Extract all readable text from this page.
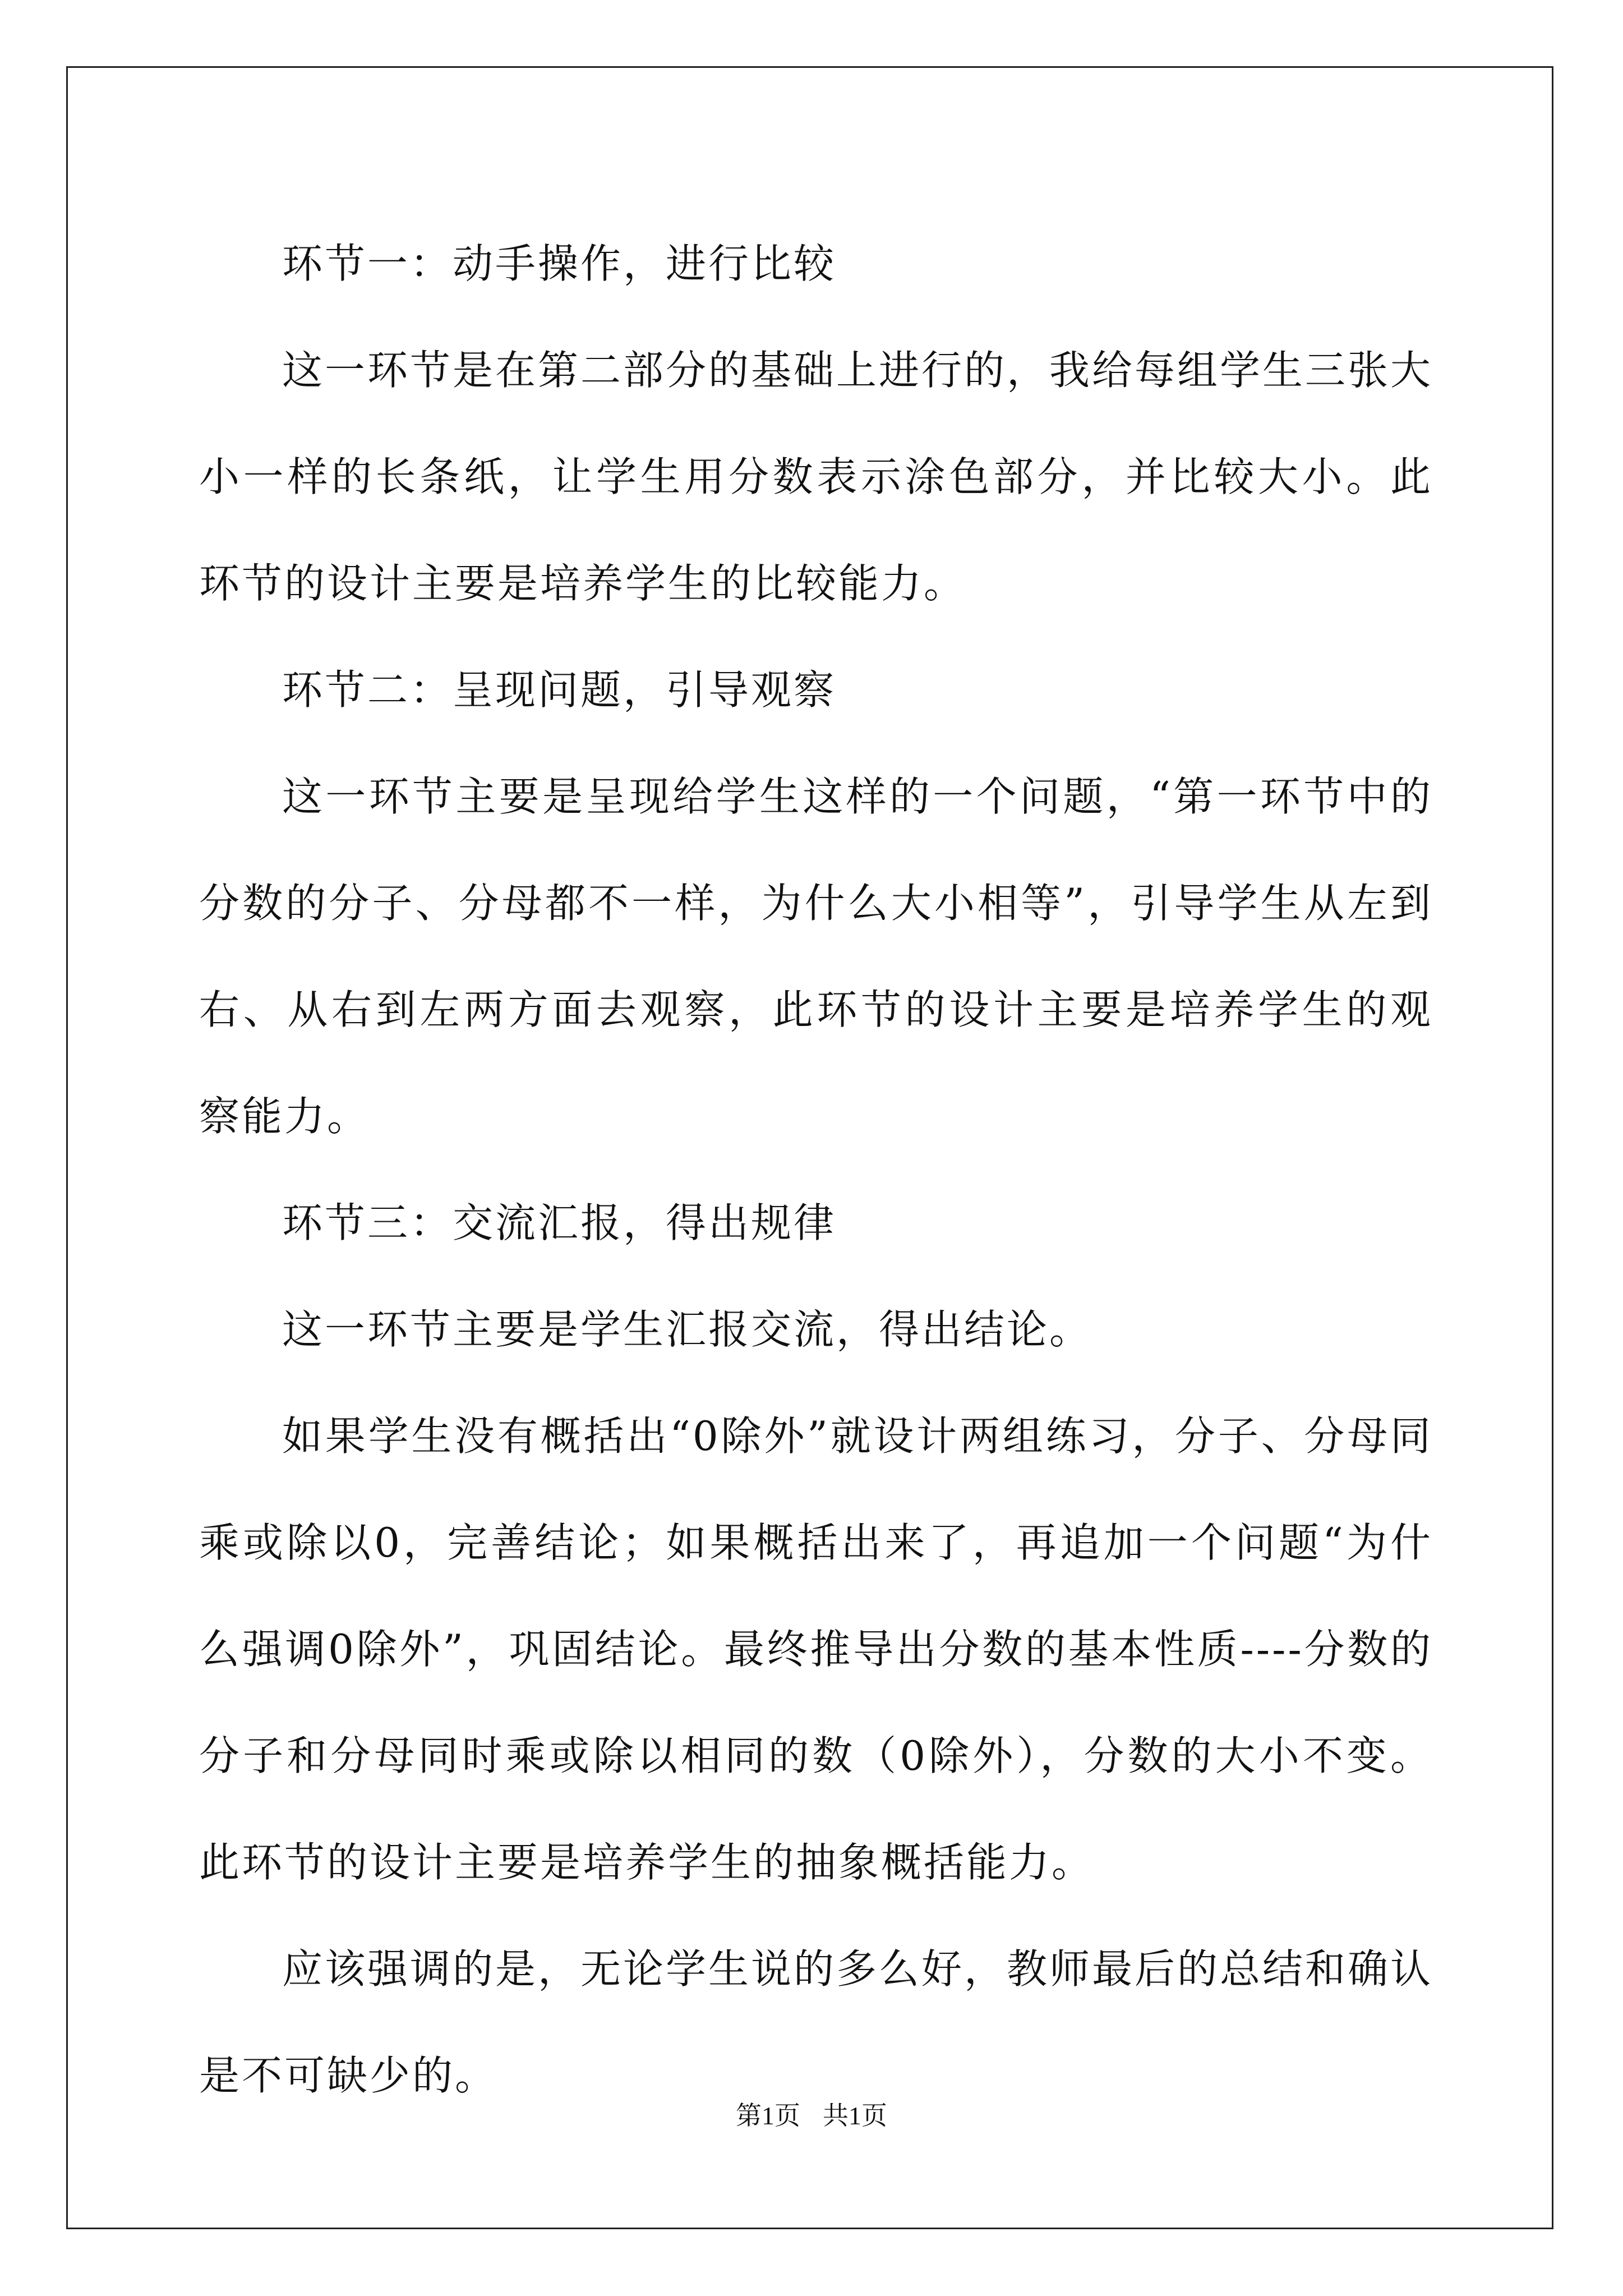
环节一：动手操作，进行比较

这一环节是在第二部分的基础上进行的，我给每组学生三张大小一样的长条纸，让学生用分数表示涂色部分，并比较大小。此环节的设计主要是培养学生的比较能力。

环节二：呈现问题，引导观察

这一环节主要是呈现给学生这样的一个问题，“第一环节中的分数的分子、分母都不一样，为什么大小相等”，引导学生从左到右、从右到左两方面去观察，此环节的设计主要是培养学生的观察能力。

环节三：交流汇报，得出规律

这一环节主要是学生汇报交流，得出结论。

如果学生没有概括出“0除外”就设计两组练习，分子、分母同乘或除以0，完善结论；如果概括出来了，再追加一个问题“为什么强调0除外”，巩固结论。最终推导出分数的基本性质----分数的分子和分母同时乘或除以相同的数（0除外），分数的大小不变。此环节的设计主要是培养学生的抽象概括能力。

应该强调的是，无论学生说的多么好，教师最后的总结和确认是不可缺少的。

第1页 共1页
